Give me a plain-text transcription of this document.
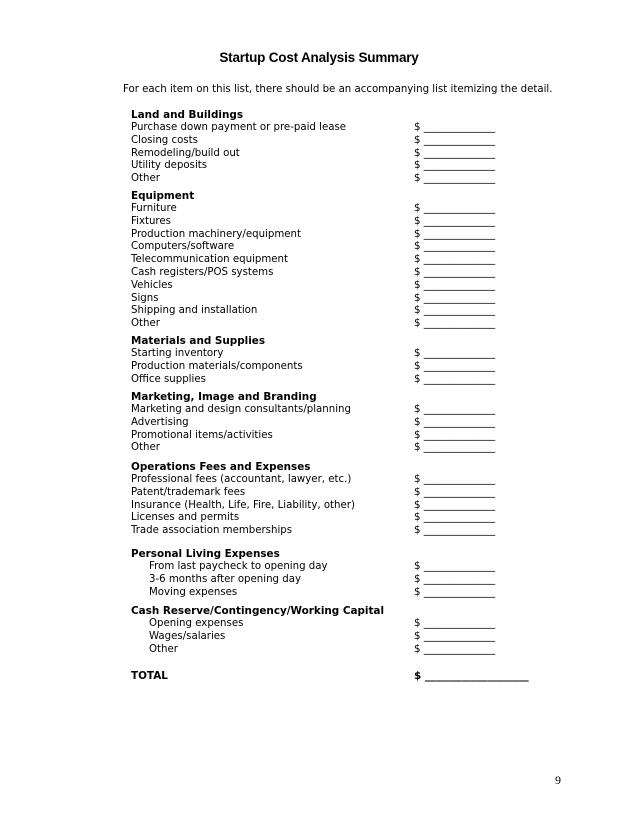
Startup Cost Analysis Summary
For each item on this list, there should be an accompanying list itemizing the detail.
Land and Buildings
Purchase down payment or pre-paid lease	$ ______________
Closing costs	$ ______________
Remodeling/build out	$ ______________
Utility deposits	$ ______________
Other	$ ______________
Equipment
Furniture	$ ______________
Fixtures	$ ______________
Production machinery/equipment	$ ______________
Computers/software	$ ______________
Telecommunication equipment	$ ______________
Cash registers/POS systems	$ ______________
Vehicles	$ ______________
Signs	$ ______________
Shipping and installation	$ ______________
Other	$ ______________
Materials and Supplies
Starting inventory	$ ______________
Production materials/components	$ ______________
Office supplies	$ ______________
Marketing, Image and Branding
Marketing and design consultants/planning	$ ______________
Advertising	$ ______________
Promotional items/activities	$ ______________
Other	$ ______________
Operations Fees and Expenses
Professional fees (accountant, lawyer, etc.)	$ ______________
Patent/trademark fees	$ ______________
Insurance (Health, Life, Fire, Liability, other)	$ ______________
Licenses and permits	$ ______________
Trade association memberships	$ ______________
Personal Living Expenses
From last paycheck to opening day	$ ______________
3-6 months after opening day	$ ______________
Moving expenses	$ ______________
Cash Reserve/Contingency/Working Capital
Opening expenses	$ ______________
Wages/salaries	$ ______________
Other	$ ______________
TOTAL	$ ____________________
9
